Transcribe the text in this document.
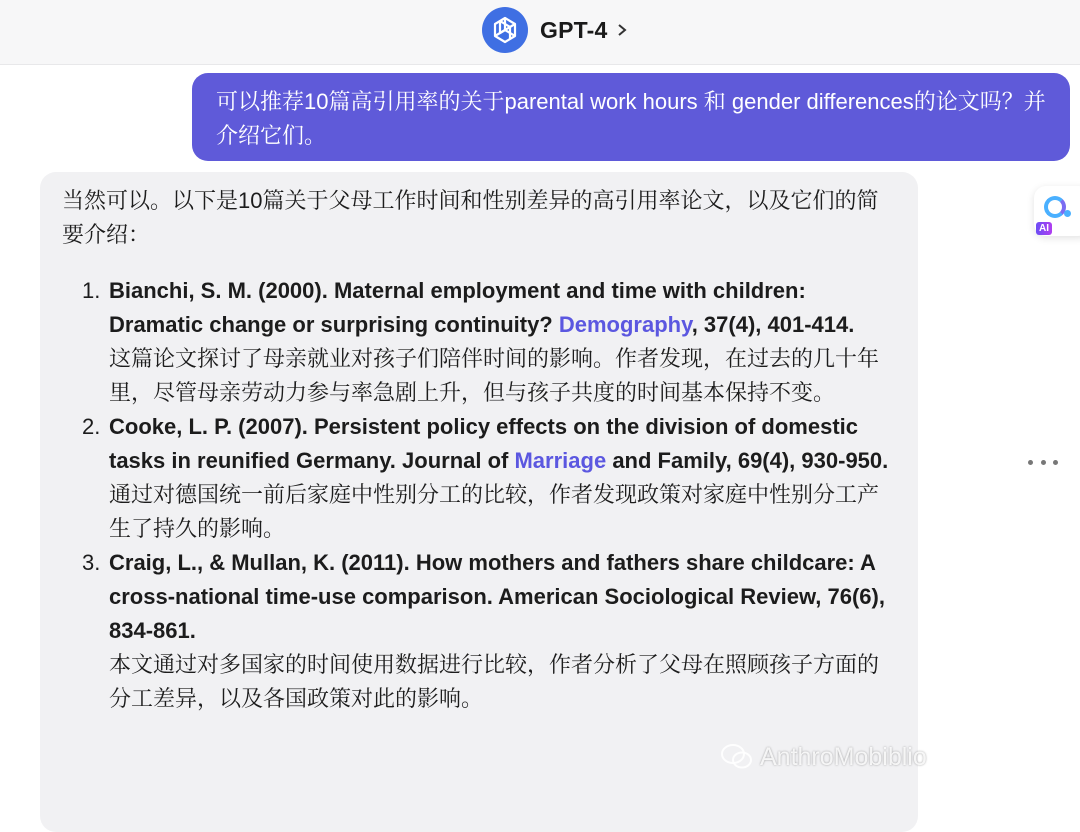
GPT-4
可以推荐10篇高引用率的关于parental work hours 和 gender differences的论文吗？并介绍它们。

当然可以。以下是10篇关于父母工作时间和性别差异的高引用率论文，以及它们的简要介绍：

1. Bianchi, S. M. (2000). Maternal employment and time with children: Dramatic change or surprising continuity? Demography, 37(4), 401-414.
这篇论文探讨了母亲就业对孩子们陪伴时间的影响。作者发现，在过去的几十年里，尽管母亲劳动力参与率急剧上升，但与孩子共度的时间基本保持不变。
2. Cooke, L. P. (2007). Persistent policy effects on the division of domestic tasks in reunified Germany. Journal of Marriage and Family, 69(4), 930-950.
通过对德国统一前后家庭中性别分工的比较，作者发现政策对家庭中性别分工产生了持久的影响。
3. Craig, L., & Mullan, K. (2011). How mothers and fathers share childcare: A cross-national time-use comparison. American Sociological Review, 76(6), 834-861.
本文通过对多国家的时间使用数据进行比较，作者分析了父母在照顾孩子方面的分工差异，以及各国政策对此的影响。
AI
AnthroMobiblio
